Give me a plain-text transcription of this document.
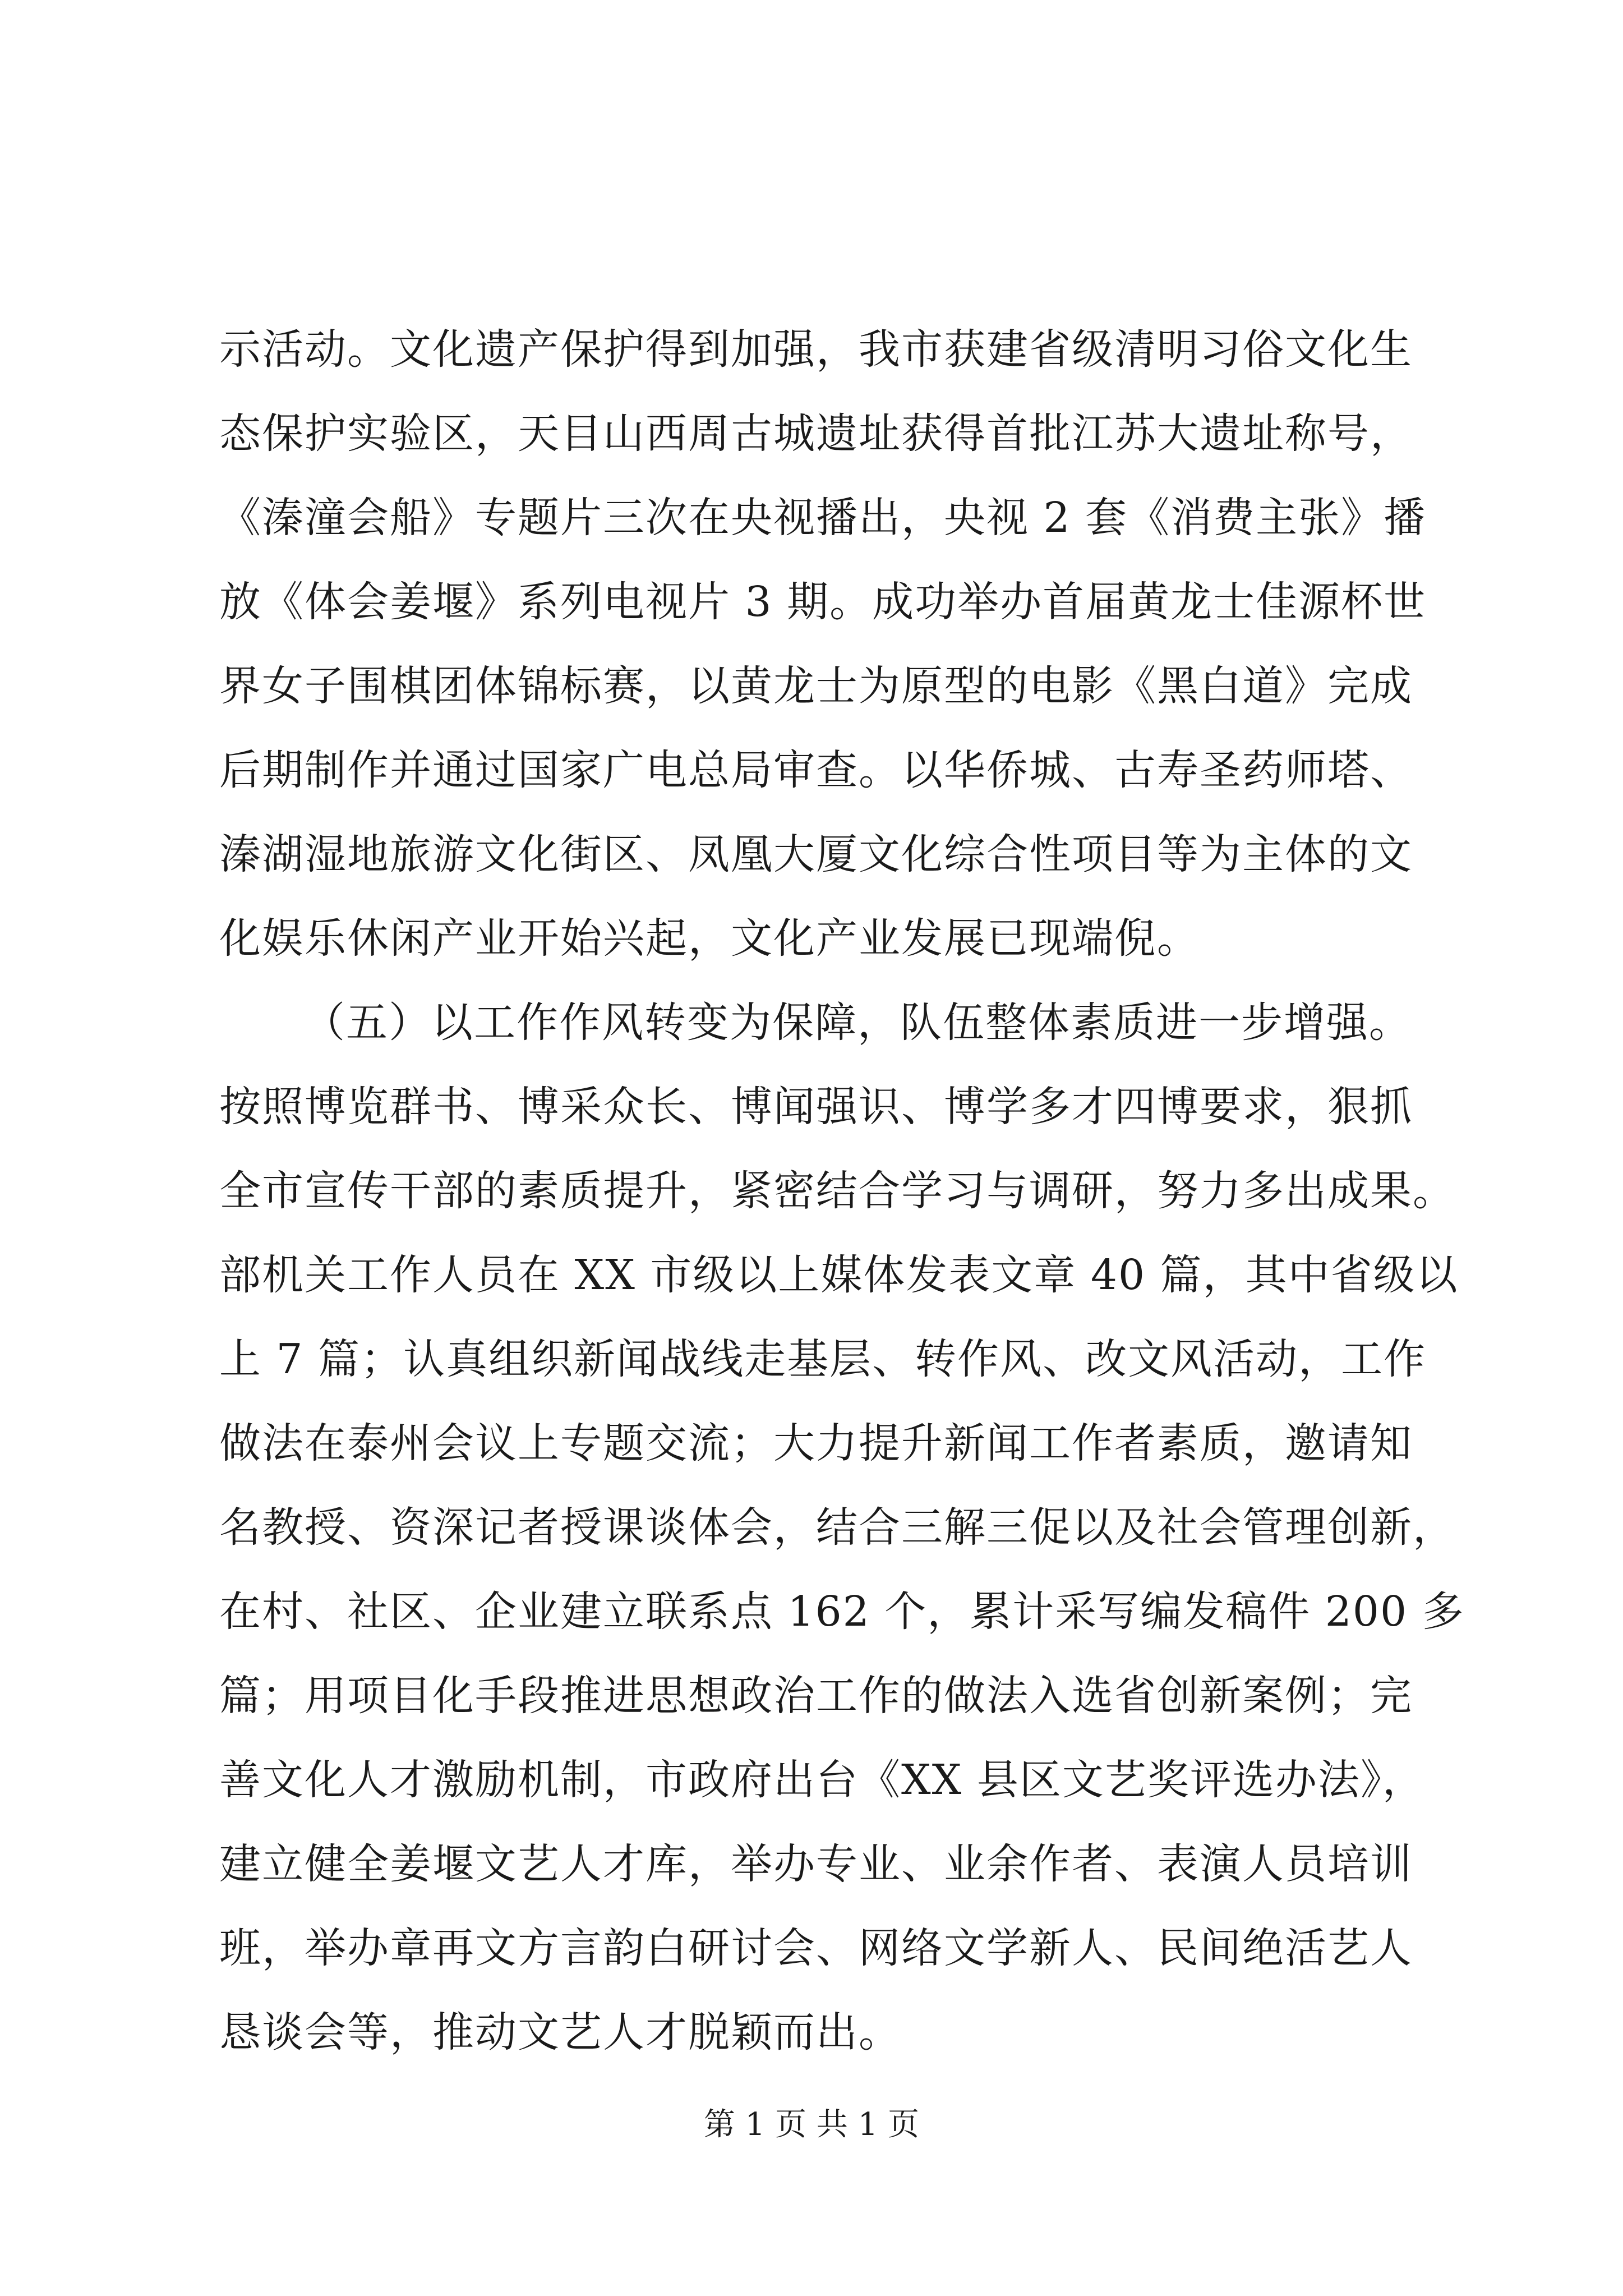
示活动。文化遗产保护得到加强，我市获建省级清明习俗文化生
态保护实验区，天目山西周古城遗址获得首批江苏大遗址称号，
《溱潼会船》专题片三次在央视播出，央视 2 套《消费主张》播
放《体会姜堰》系列电视片 3 期。成功举办首届黄龙士佳源杯世
界女子围棋团体锦标赛，以黄龙士为原型的电影《黑白道》完成
后期制作并通过国家广电总局审查。以华侨城、古寿圣药师塔、
溱湖湿地旅游文化街区、凤凰大厦文化综合性项目等为主体的文
化娱乐休闲产业开始兴起，文化产业发展已现端倪。
（五）以工作作风转变为保障，队伍整体素质进一步增强。
按照博览群书、博采众长、博闻强识、博学多才四博要求，狠抓
全市宣传干部的素质提升，紧密结合学习与调研，努力多出成果。
部机关工作人员在 XX 市级以上媒体发表文章 40 篇，其中省级以
上 7 篇；认真组织新闻战线走基层、转作风、改文风活动，工作
做法在泰州会议上专题交流；大力提升新闻工作者素质，邀请知
名教授、资深记者授课谈体会，结合三解三促以及社会管理创新，
在村、社区、企业建立联系点 162 个，累计采写编发稿件 200 多
篇；用项目化手段推进思想政治工作的做法入选省创新案例；完
善文化人才激励机制，市政府出台《XX 县区文艺奖评选办法》，
建立健全姜堰文艺人才库，举办专业、业余作者、表演人员培训
班，举办章再文方言韵白研讨会、网络文学新人、民间绝活艺人
恳谈会等，推动文艺人才脱颖而出。
第 1 页 共 1 页
